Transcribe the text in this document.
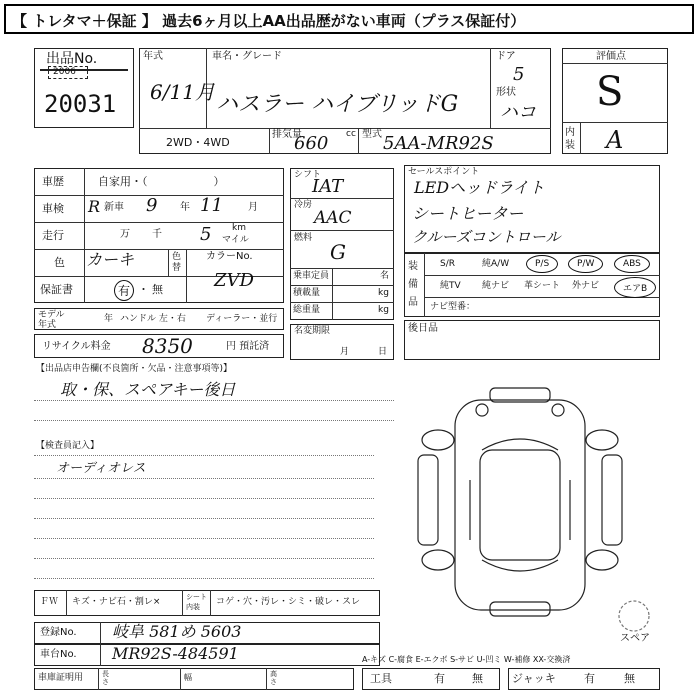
【 トレタマ＋保証 】 過去6ヶ月以上AA出品歴がない車両（プラス保証付）
出品No.
2006
20031
年式
6/11月
車名・グレード
ハスラー ハイブリッドG
ドア
5
形状
ハコ
2WD・4WD
排気量	cc
660	型式 5AA-MR92S
評価点
S
内装 A
車歴	自家用・（　　　　　　）
車検 R 新車 9 年 11	月
走行	万 千 5 km
マイル
色 カーキ	色替
カラーNo.
ZVD
保証書	有 ・ 無
モデル年式
年 ハンドル 左・右 ディーラー・並行
リサイクル料金 8350	円 預託済
シフト
IAT
冷房
AAC
燃料
G
乗車定員	名
積載量	kg
総重量	kg
名変期限
月	日
セールスポイント
LEDヘッドライト
シートヒーター
クルーズコントロール
装備品
S/R	純A/W	P/S	P/W	ABS
純TV 純ナビ 革シート 外ナビ	エアB
ナビ型番：
後日品
【出品店申告欄(不良箇所・欠品・注意事項等)】
取・保、スペアキー後日
【検査員記入】
オーディオレス
スペア
ＦＷ キズ・ナビ石・割レ×	シート内装	コゲ・穴・汚レ・シミ・破レ・スレ
登録No. 岐阜 581め 5603
車台No. MR92S-484591	A-キズ C-腐食 E-エクボ S-サビ U-凹ミ W-補修 XX-交換済
車庫証明用	長さ	幅	高さ	工具	有 無	ジャッキ	有	無
